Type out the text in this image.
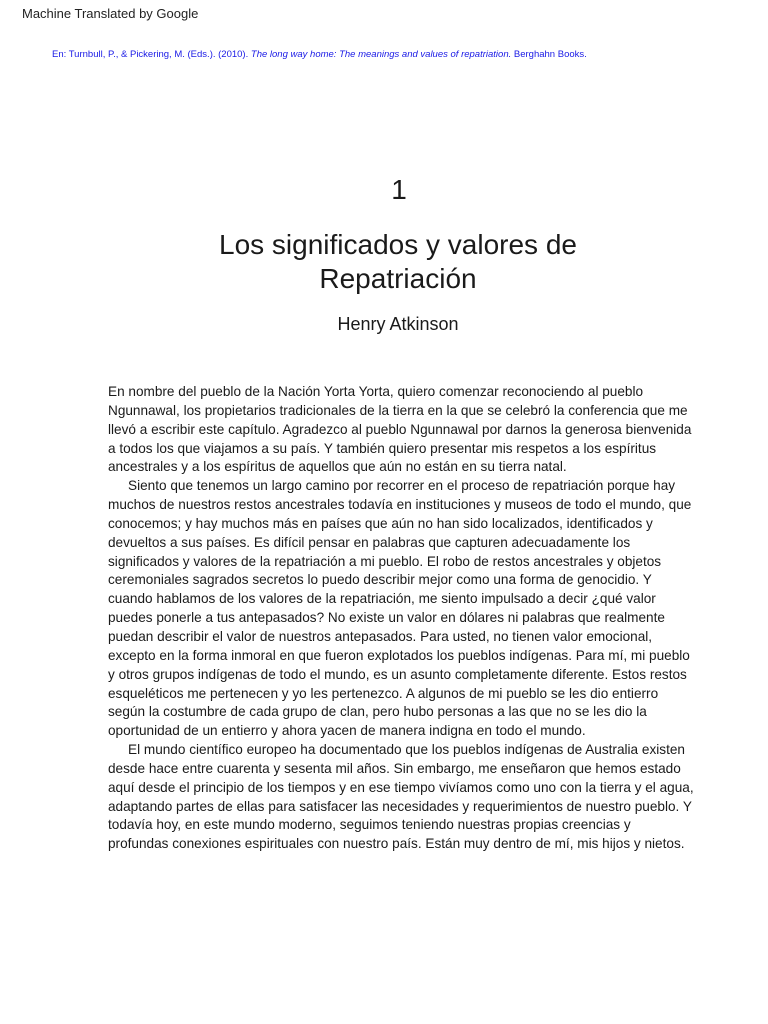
Machine Translated by Google
En: Turnbull, P., & Pickering, M. (Eds.). (2010). The long way home: The meanings and values of repatriation. Berghahn Books.
1
Los significados y valores de
Repatriación
Henry Atkinson

En nombre del pueblo de la Nación Yorta Yorta, quiero comenzar reconociendo al pueblo Ngunnawal, los propietarios tradicionales de la tierra en la que se celebró la conferencia que me llevó a escribir este capítulo. Agradezco al pueblo Ngunnawal por darnos la generosa bienvenida a todos los que viajamos a su país. Y también quiero presentar mis respetos a los espíritus ancestrales y a los espíritus de aquellos que aún no están en su tierra natal.

Siento que tenemos un largo camino por recorrer en el proceso de repatriación porque hay muchos de nuestros restos ancestrales todavía en instituciones y museos de todo el mundo, que conocemos; y hay muchos más en países que aún no han sido localizados, identificados y devueltos a sus países. Es difícil pensar en palabras que capturen adecuadamente los significados y valores de la repatriación a mi pueblo. El robo de restos ancestrales y objetos ceremoniales sagrados secretos lo puedo describir mejor como una forma de genocidio. Y cuando hablamos de los valores de la repatriación, me siento impulsado a decir ¿qué valor puedes ponerle a tus antepasados? No existe un valor en dólares ni palabras que realmente puedan describir el valor de nuestros antepasados. Para usted, no tienen valor emocional, excepto en la forma inmoral en que fueron explotados los pueblos indígenas. Para mí, mi pueblo y otros grupos indígenas de todo el mundo, es un asunto completamente diferente. Estos restos esqueléticos me pertenecen y yo les pertenezco. A algunos de mi pueblo se les dio entierro según la costumbre de cada grupo de clan, pero hubo personas a las que no se les dio la oportunidad de un entierro y ahora yacen de manera indigna en todo el mundo.

El mundo científico europeo ha documentado que los pueblos indígenas de Australia existen desde hace entre cuarenta y sesenta mil años. Sin embargo, me enseñaron que hemos estado aquí desde el principio de los tiempos y en ese tiempo vivíamos como uno con la tierra y el agua, adaptando partes de ellas para satisfacer las necesidades y requerimientos de nuestro pueblo. Y todavía hoy, en este mundo moderno, seguimos teniendo nuestras propias creencias y profundas conexiones espirituales con nuestro país. Están muy dentro de mí, mis hijos y nietos.
